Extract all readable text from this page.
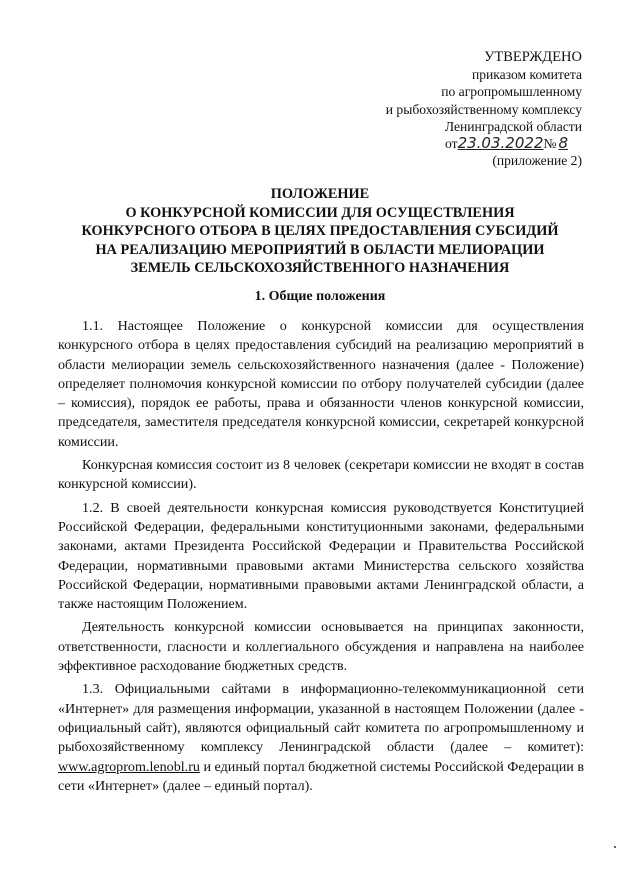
УТВЕРЖДЕНО
приказом комитета
по агропромышленному
и рыбохозяйственному комплексу
Ленинградской области
от23.03.2022№ 8
(приложение 2)
ПОЛОЖЕНИЕ
О КОНКУРСНОЙ КОМИССИИ ДЛЯ ОСУЩЕСТВЛЕНИЯ
КОНКУРСНОГО ОТБОРА В ЦЕЛЯХ ПРЕДОСТАВЛЕНИЯ СУБСИДИЙ
НА РЕАЛИЗАЦИЮ МЕРОПРИЯТИЙ В ОБЛАСТИ МЕЛИОРАЦИИ
ЗЕМЕЛЬ СЕЛЬСКОХОЗЯЙСТВЕННОГО НАЗНАЧЕНИЯ
1. Общие положения

1.1. Настоящее Положение о конкурсной комиссии для осуществления конкурсного отбора в целях предоставления субсидий на реализацию мероприятий в области мелиорации земель сельскохозяйственного назначения (далее - Положение) определяет полномочия конкурсной комиссии по отбору получателей субсидии (далее – комиссия), порядок ее работы, права и обязанности членов конкурсной комиссии, председателя, заместителя председателя конкурсной комиссии, секретарей конкурсной комиссии.

Конкурсная комиссия состоит из 8 человек (секретари комиссии не входят в состав конкурсной комиссии).

1.2. В своей деятельности конкурсная комиссия руководствуется Конституцией Российской Федерации, федеральными конституционными законами, федеральными законами, актами Президента Российской Федерации и Правительства Российской Федерации, нормативными правовыми актами Министерства сельского хозяйства Российской Федерации, нормативными правовыми актами Ленинградской области, а также настоящим Положением.

Деятельность конкурсной комиссии основывается на принципах законности, ответственности, гласности и коллегиального обсуждения и направлена на наиболее эффективное расходование бюджетных средств.

1.3. Официальными сайтами в информационно-телекоммуникационной сети «Интернет» для размещения информации, указанной в настоящем Положении (далее - официальный сайт), являются официальный сайт комитета по агропромышленному и рыбохозяйственному комплексу Ленинградской области (далее – комитет): www.agroprom.lenobl.ru и единый портал бюджетной системы Российской Федерации в сети «Интернет» (далее – единый портал).
